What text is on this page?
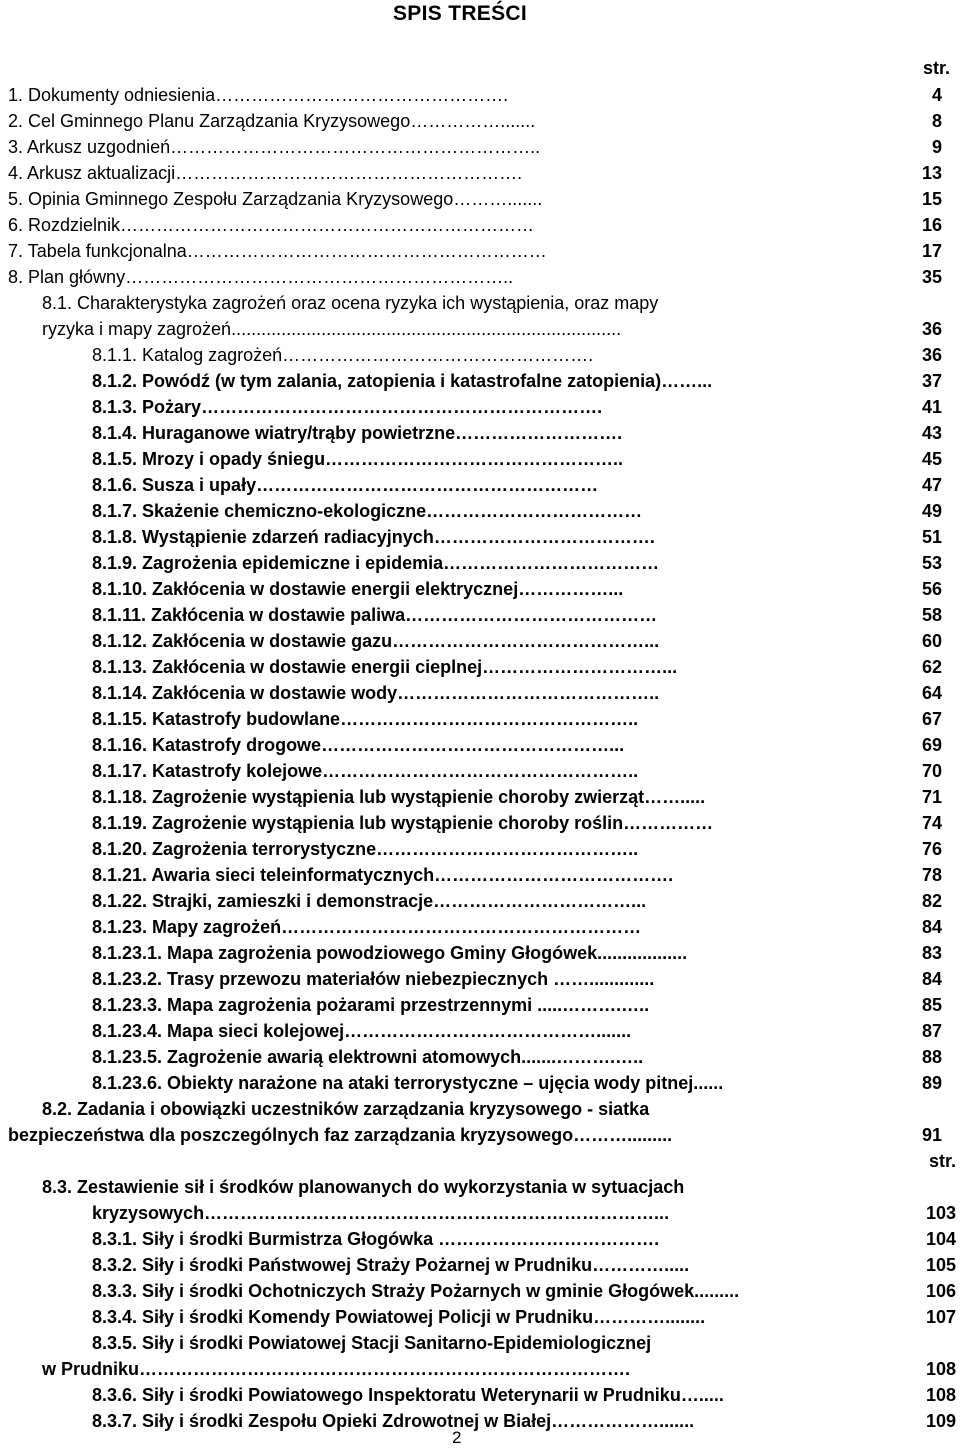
SPIS TREŚCI
str.
1. Dokumenty odniesienia………………………………………….	4
2. Cel Gminnego Planu Zarządzania Kryzysowego…………….......	8
3. Arkusz uzgodnień……………………………………………………..	9
4. Arkusz aktualizacji………………………………………………….	13
5. Opinia Gminnego Zespołu Zarządzania Kryzysowego……….......	15
6. Rozdzielnik……………………………………………………………	16
7. Tabela funkcjonalna……………………………………………………	17
8. Plan główny………………………………………………………..	35
8.1. Charakterystyka zagrożeń oraz ocena ryzyka ich wystąpienia, oraz mapy
ryzyka i mapy zagrożeń..............................................................................	36
8.1.1. Katalog zagrożeń…………………………………………….	36
8.1.2. Powódź (w tym zalania, zatopienia i katastrofalne zatopienia)……...	37
8.1.3. Pożary………………………………………………………….	41
8.1.4. Huraganowe wiatry/trąby powietrzne……………………….	43
8.1.5. Mrozy i opady śniegu…………………………………………..	45
8.1.6. Susza i upały…………………………………………………	47
8.1.7. Skażenie chemiczno-ekologiczne………………………………	49
8.1.8. Wystąpienie zdarzeń radiacyjnych……………………………….	51
8.1.9. Zagrożenia epidemiczne i epidemia………………………………	53
8.1.10. Zakłócenia w dostawie energii elektrycznej……………...	56
8.1.11. Zakłócenia w dostawie paliwa……………………………………	58
8.1.12. Zakłócenia w dostawie gazu……………………………………...	60
8.1.13. Zakłócenia w dostawie energii cieplnej…………………………...	62
8.1.14. Zakłócenia w dostawie wody……………………………………..	64
8.1.15. Katastrofy budowlane…………………………………………..	67
8.1.16. Katastrofy drogowe…………………………………………...	69
8.1.17. Katastrofy kolejowe……………………………………………..	70
8.1.18. Zagrożenie wystąpienia lub wystąpienie choroby zwierząt…….....	71
8.1.19. Zagrożenie wystąpienia lub wystąpienie choroby roślin……………	74
8.1.20. Zagrożenia terrorystyczne……………………………………..	76
8.1.21. Awaria sieci teleinformatycznych………………………………….	78
8.1.22. Strajki, zamieszki i demonstracje……………………………...	82
8.1.23. Mapy zagrożeń……………………………………………………	84
8.1.23.1. Mapa zagrożenia powodziowego Gminy Głogówek..................	83
8.1.23.2. Trasy przewozu materiałów niebezpiecznych …….............	84
8.1.23.3. Mapa zagrożenia pożarami przestrzennymi .....……….…..	85
8.1.23.4. Mapa sieci kolejowej…………………………………….......	87
8.1.23.5. Zagrożenie awarią elektrowni atomowych.......……….…..	88
8.1.23.6. Obiekty narażone na ataki terrorystyczne – ujęcia wody pitnej......	89
8.2. Zadania i obowiązki uczestników zarządzania kryzysowego - siatka
bezpieczeństwa dla poszczególnych faz zarządzania kryzysowego……….........	91
str.
8.3. Zestawienie sił i środków planowanych do wykorzystania w sytuacjach
kryzysowych…………………………………………………………………...	103
8.3.1. Siły i środki Burmistrza Głogówka ……………………………….	104
8.3.2. Siły i środki Państwowej Straży Pożarnej w Prudniku………….....	105
8.3.3. Siły i środki Ochotniczych Straży Pożarnych w gminie Głogówek.........	106
8.3.4. Siły i środki Komendy Powiatowej Policji w Prudniku…………........	107
8.3.5. Siły i środki Powiatowej Stacji Sanitarno-Epidemiologicznej
w Prudniku……………………………………………………………………….	108
8.3.6. Siły i środki Powiatowego Inspektoratu Weterynarii w Prudniku….....	108
8.3.7. Siły i środki Zespołu Opieki Zdrowotnej w Białej……………….......	109
2
